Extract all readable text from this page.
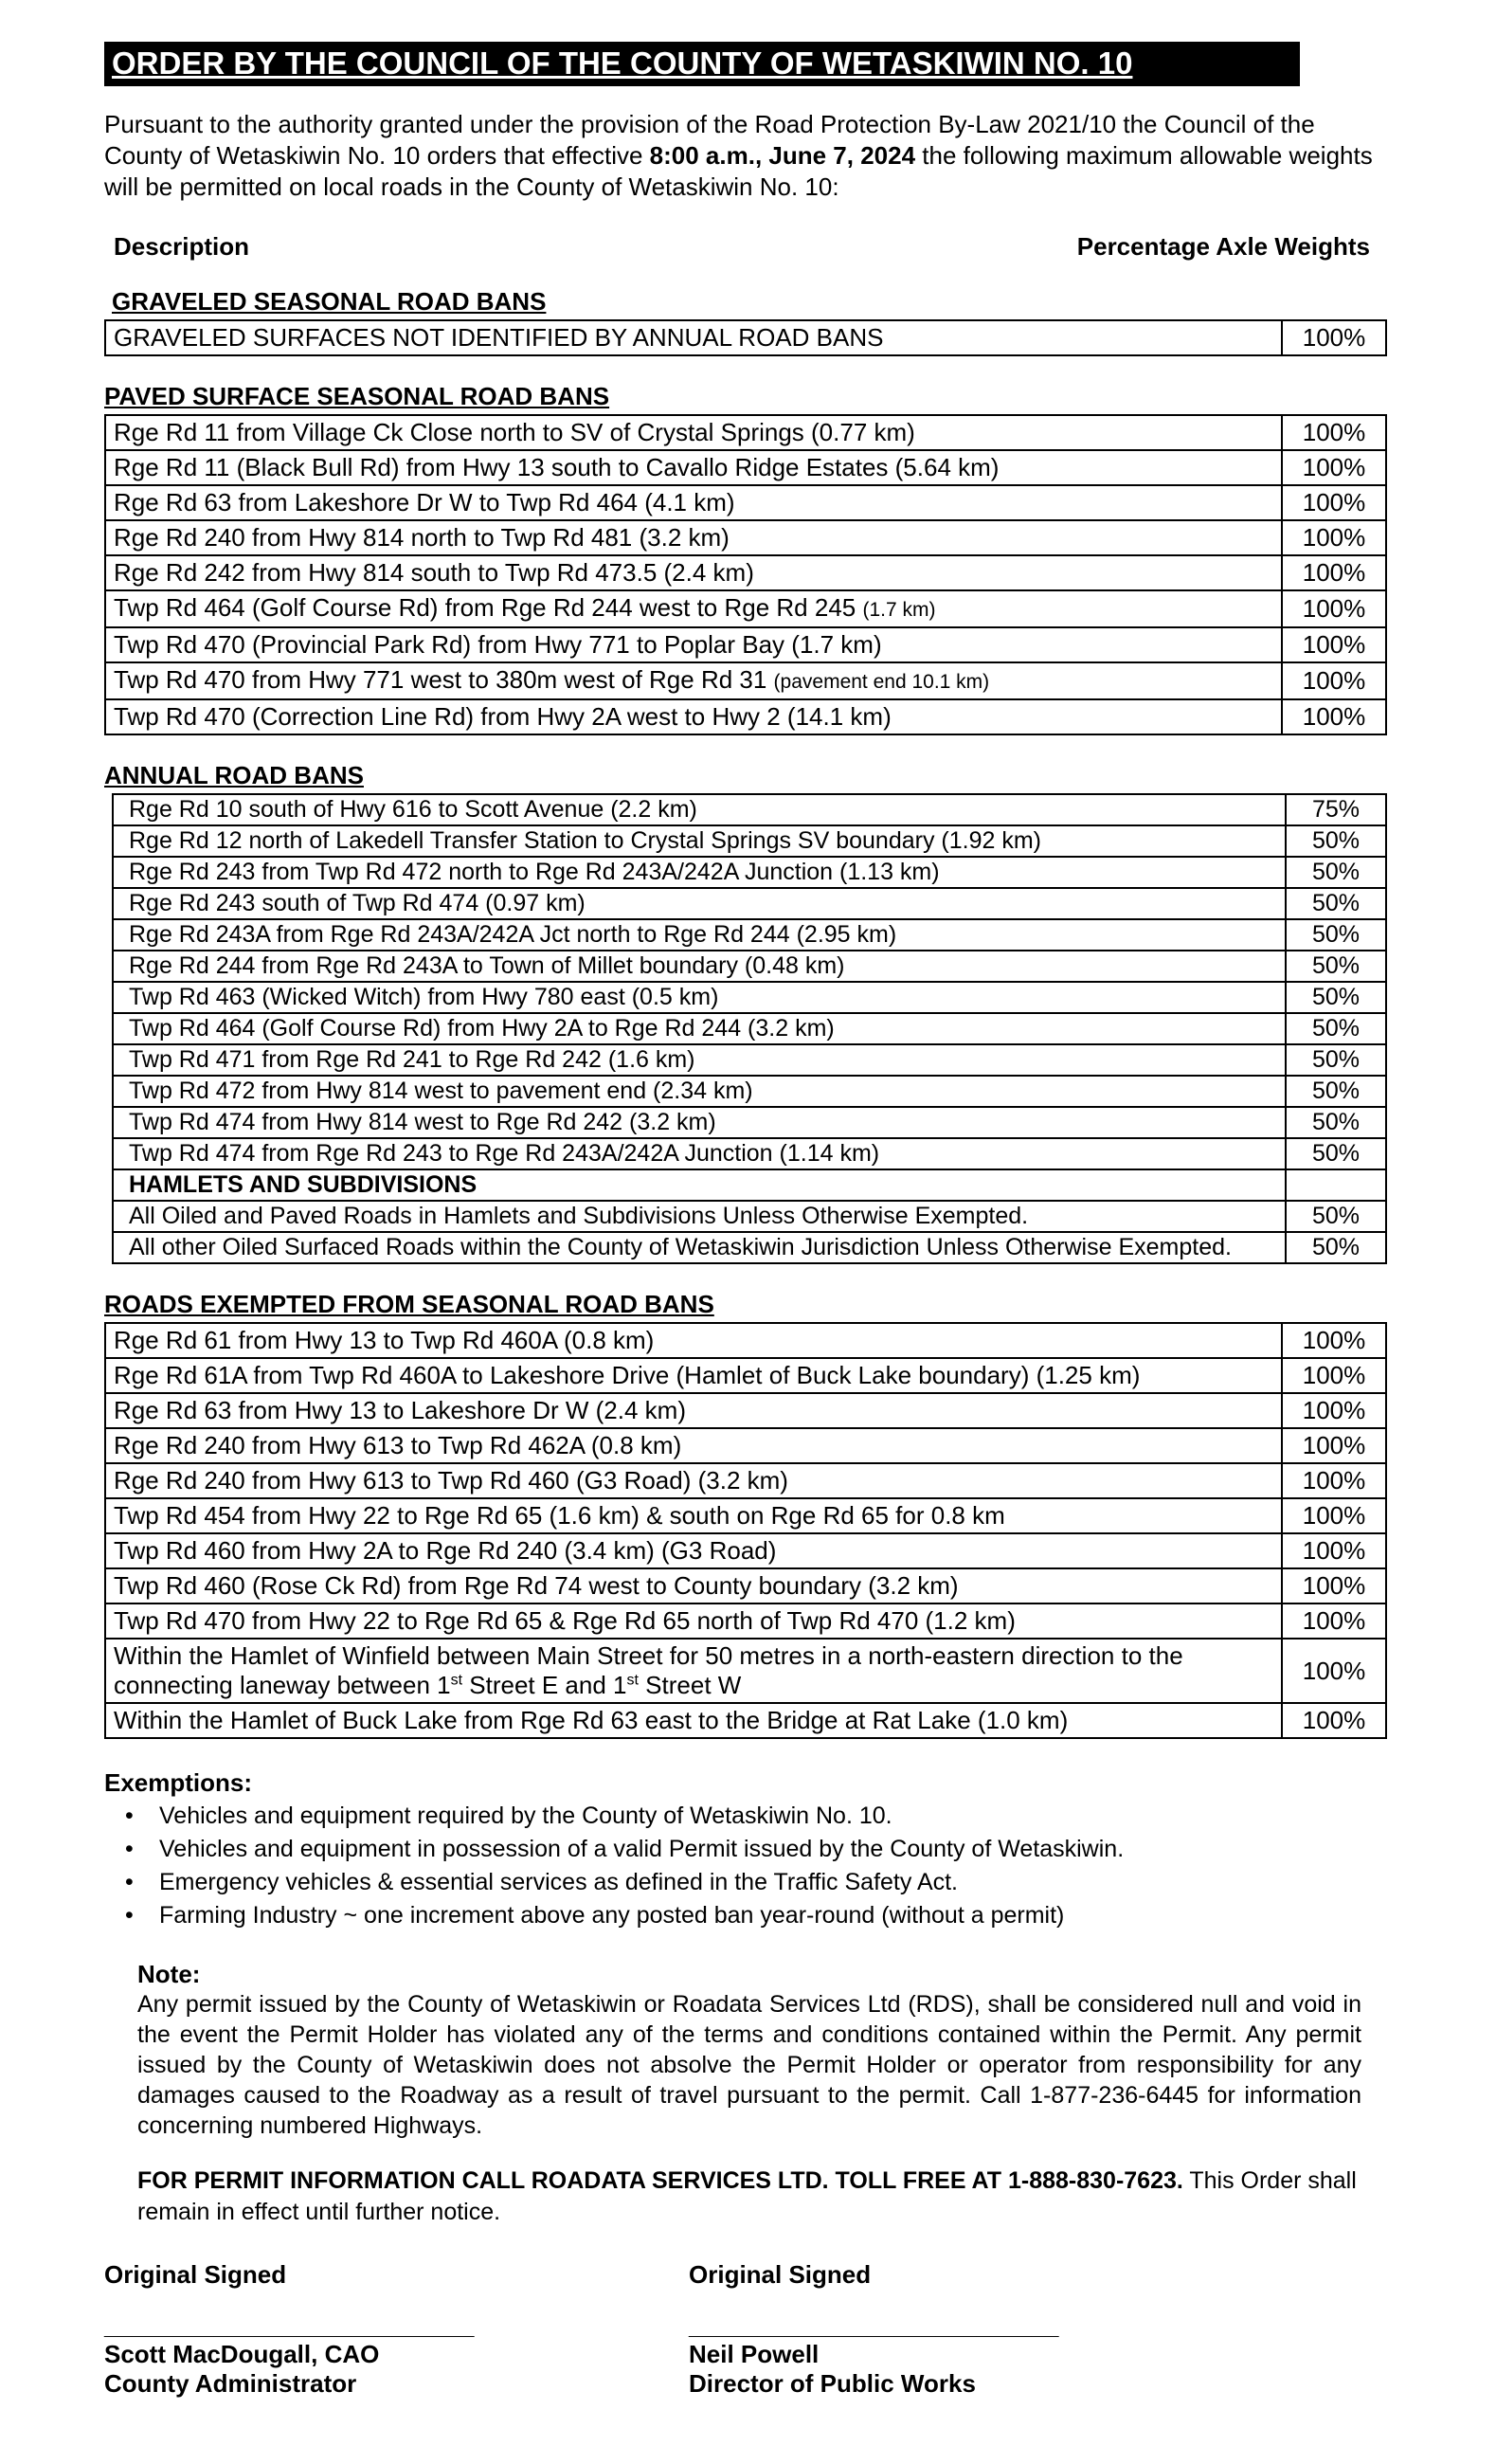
ORDER BY THE COUNCIL OF THE COUNTY OF WETASKIWIN NO. 10

Pursuant to the authority granted under the provision of the Road Protection By-Law 2021/10 the Council of the County of Wetaskiwin No. 10 orders that effective 8:00 a.m., June 7, 2024 the following maximum allowable weights will be permitted on local roads in the County of Wetaskiwin No. 10:

Description	Percentage Axle Weights
GRAVELED SEASONAL ROAD BANS
GRAVELED SURFACES NOT IDENTIFIED BY ANNUAL ROAD BANS	100%
PAVED SURFACE SEASONAL ROAD BANS
Rge Rd 11 from Village Ck Close north to SV of Crystal Springs (0.77 km)	100%
Rge Rd 11 (Black Bull Rd) from Hwy 13 south to Cavallo Ridge Estates (5.64 km)	100%
Rge Rd 63 from Lakeshore Dr W to Twp Rd 464 (4.1 km)	100%
Rge Rd 240 from Hwy 814 north to Twp Rd 481 (3.2 km)	100%
Rge Rd 242 from Hwy 814 south to Twp Rd 473.5 (2.4 km)	100%
Twp Rd 464 (Golf Course Rd) from Rge Rd 244 west to Rge Rd 245 (1.7 km)	100%
Twp Rd 470 (Provincial Park Rd) from Hwy 771 to Poplar Bay (1.7 km)	100%
Twp Rd 470 from Hwy 771 west to 380m west of Rge Rd 31 (pavement end 10.1 km)	100%
Twp Rd 470 (Correction Line Rd) from Hwy 2A west to Hwy 2 (14.1 km)	100%
ANNUAL ROAD BANS
Rge Rd 10 south of Hwy 616 to Scott Avenue (2.2 km)	75%
Rge Rd 12 north of Lakedell Transfer Station to Crystal Springs SV boundary (1.92 km)	50%
Rge Rd 243 from Twp Rd 472 north to Rge Rd 243A/242A Junction (1.13 km)	50%
Rge Rd 243 south of Twp Rd 474 (0.97 km)	50%
Rge Rd 243A from Rge Rd 243A/242A Jct north to Rge Rd 244 (2.95 km)	50%
Rge Rd 244 from Rge Rd 243A to Town of Millet boundary (0.48 km)	50%
Twp Rd 463 (Wicked Witch) from Hwy 780 east (0.5 km)	50%
Twp Rd 464 (Golf Course Rd) from Hwy 2A to Rge Rd 244 (3.2 km)	50%
Twp Rd 471 from Rge Rd 241 to Rge Rd 242 (1.6 km)	50%
Twp Rd 472 from Hwy 814 west to pavement end (2.34 km)	50%
Twp Rd 474 from Hwy 814 west to Rge Rd 242 (3.2 km)	50%
Twp Rd 474 from Rge Rd 243 to Rge Rd 243A/242A Junction (1.14 km)	50%
HAMLETS AND SUBDIVISIONS	
All Oiled and Paved Roads in Hamlets and Subdivisions Unless Otherwise Exempted.	50%
All other Oiled Surfaced Roads within the County of Wetaskiwin Jurisdiction Unless Otherwise Exempted.	50%
ROADS EXEMPTED FROM SEASONAL ROAD BANS
Rge Rd 61 from Hwy 13 to Twp Rd 460A (0.8 km)	100%
Rge Rd 61A from Twp Rd 460A to Lakeshore Drive (Hamlet of Buck Lake boundary) (1.25 km)	100%
Rge Rd 63 from Hwy 13 to Lakeshore Dr W (2.4 km)	100%
Rge Rd 240 from Hwy 613 to Twp Rd 462A (0.8 km)	100%
Rge Rd 240 from Hwy 613 to Twp Rd 460 (G3 Road) (3.2 km)	100%
Twp Rd 454 from Hwy 22 to Rge Rd 65 (1.6 km) & south on Rge Rd 65 for 0.8 km	100%
Twp Rd 460 from Hwy 2A to Rge Rd 240 (3.4 km) (G3 Road)	100%
Twp Rd 460 (Rose Ck Rd) from Rge Rd 74 west to County boundary (3.2 km)	100%
Twp Rd 470 from Hwy 22 to Rge Rd 65 & Rge Rd 65 north of Twp Rd 470 (1.2 km)	100%
Within the Hamlet of Winfield between Main Street for 50 metres in a north-eastern direction to the connecting laneway between 1st Street E and 1st Street W	100%
Within the Hamlet of Buck Lake from Rge Rd 63 east to the Bridge at Rat Lake (1.0 km)	100%
Exemptions:
• Vehicles and equipment required by the County of Wetaskiwin No. 10.
• Vehicles and equipment in possession of a valid Permit issued by the County of Wetaskiwin.
• Emergency vehicles & essential services as defined in the Traffic Safety Act.
• Farming Industry ~ one increment above any posted ban year-round (without a permit)
Note:
Any permit issued by the County of Wetaskiwin or Roadata Services Ltd (RDS), shall be considered null and void in the event the Permit Holder has violated any of the terms and conditions contained within the Permit. Any permit issued by the County of Wetaskiwin does not absolve the Permit Holder or operator from responsibility for any damages caused to the Roadway as a result of travel pursuant to the permit. Call 1-877-236-6445 for information concerning numbered Highways.

FOR PERMIT INFORMATION CALL ROADATA SERVICES LTD. TOLL FREE AT 1-888-830-7623. This Order shall remain in effect until further notice.

Original Signed
___________________________
Scott MacDougall, CAO
County Administrator
Original Signed
___________________________
Neil Powell
Director of Public Works
